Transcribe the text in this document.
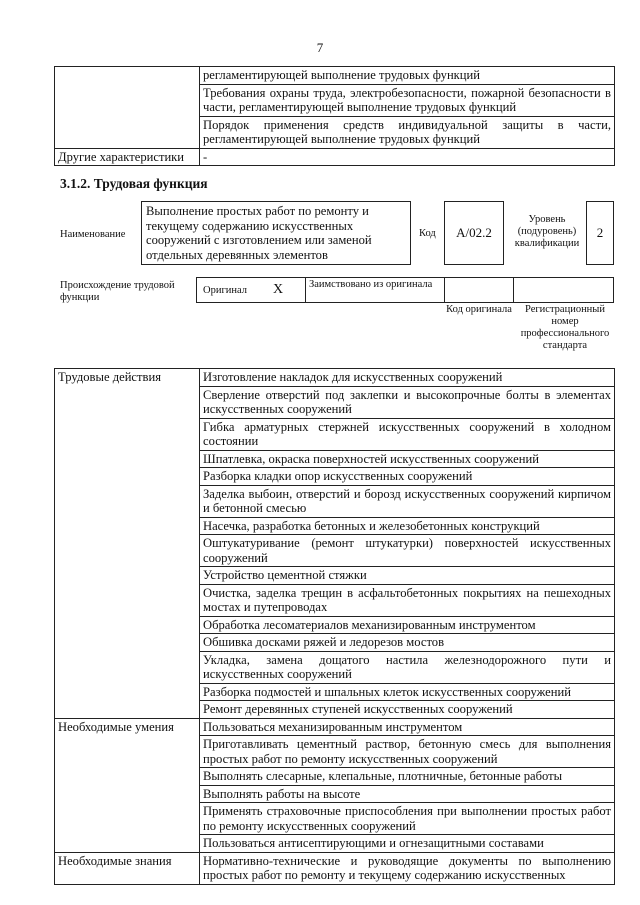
7
	регламентирующей выполнение трудовых функций
	Требования охраны труда, электробезопасности, пожарной безопасности в части, регламентирующей выполнение трудовых функций
	Порядок применения средств индивидуальной защиты в части, регламентирующей выполнение трудовых функций
Другие характеристики	-
3.1.2. Трудовая функция
Наименование
Выполнение простых работ по ремонту и текущему содержанию искусственных сооружений с изготовлением или заменой отдельных деревянных элементов
Код	А/02.2
Уровень (подуровень) квалификации
2
Происхождение трудовой функции
Оригинал X Заимствовано из оригинала
Код оригинала	Регистрационный номер профессионального стандарта
Трудовые действия	Изготовление накладок для искусственных сооружений
	Сверление отверстий под заклепки и высокопрочные болты в элементах искусственных сооружений
	Гибка арматурных стержней искусственных сооружений в холодном состоянии
	Шпатлевка, окраска поверхностей искусственных сооружений
	Разборка кладки опор искусственных сооружений
	Заделка выбоин, отверстий и борозд искусственных сооружений кирпичом и бетонной смесью
	Насечка, разработка бетонных и железобетонных конструкций
	Оштукатуривание (ремонт штукатурки) поверхностей искусственных сооружений
	Устройство цементной стяжки
	Очистка, заделка трещин в асфальтобетонных покрытиях на пешеходных мостах и путепроводах
	Обработка лесоматериалов механизированным инструментом
	Обшивка досками ряжей и ледорезов мостов
	Укладка, замена дощатого настила железнодорожного пути и искусственных сооружений
	Разборка подмостей и шпальных клеток искусственных сооружений
	Ремонт деревянных ступеней искусственных сооружений
Необходимые умения	Пользоваться механизированным инструментом
	Приготавливать цементный раствор, бетонную смесь для выполнения простых работ по ремонту искусственных сооружений
	Выполнять слесарные, клепальные, плотничные, бетонные работы
	Выполнять работы на высоте
	Применять страховочные приспособления при выполнении простых работ по ремонту искусственных сооружений
	Пользоваться антисептирующими и огнезащитными составами
Необходимые знания	Нормативно-технические и руководящие документы по выполнению простых работ по ремонту и текущему содержанию искусственных
